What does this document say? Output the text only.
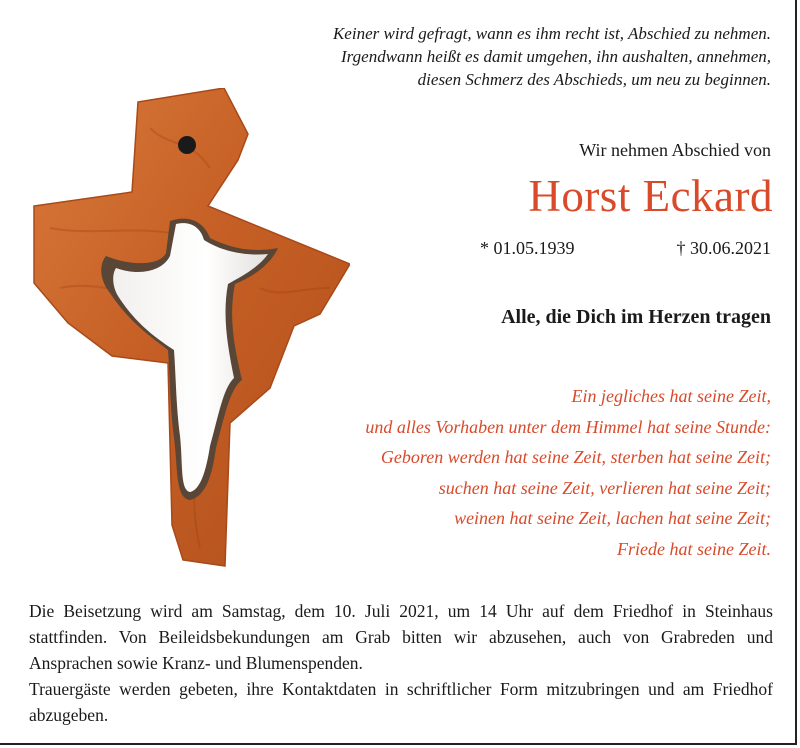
Keiner wird gefragt, wann es ihm recht ist, Abschied zu nehmen.
Irgendwann heißt es damit umgehen, ihn aushalten, annehmen,
diesen Schmerz des Abschieds, um neu zu beginnen.
Wir nehmen Abschied von
Horst Eckard
* 01.05.1939	† 30.06.2021
Alle, die Dich im Herzen tragen
Ein jegliches hat seine Zeit,
und alles Vorhaben unter dem Himmel hat seine Stunde:
Geboren werden hat seine Zeit, sterben hat seine Zeit;
suchen hat seine Zeit, verlieren hat seine Zeit;
weinen hat seine Zeit, lachen hat seine Zeit;
Friede hat seine Zeit.

Die Beisetzung wird am Samstag, dem 10. Juli 2021, um 14 Uhr auf dem Friedhof in Steinhaus stattfinden. Von Beileidsbekundungen am Grab bitten wir abzusehen, auch von Grabreden und Ansprachen sowie Kranz- und Blumenspenden.

Trauergäste werden gebeten, ihre Kontaktdaten in schriftlicher Form mitzubringen und am Friedhof abzugeben.
